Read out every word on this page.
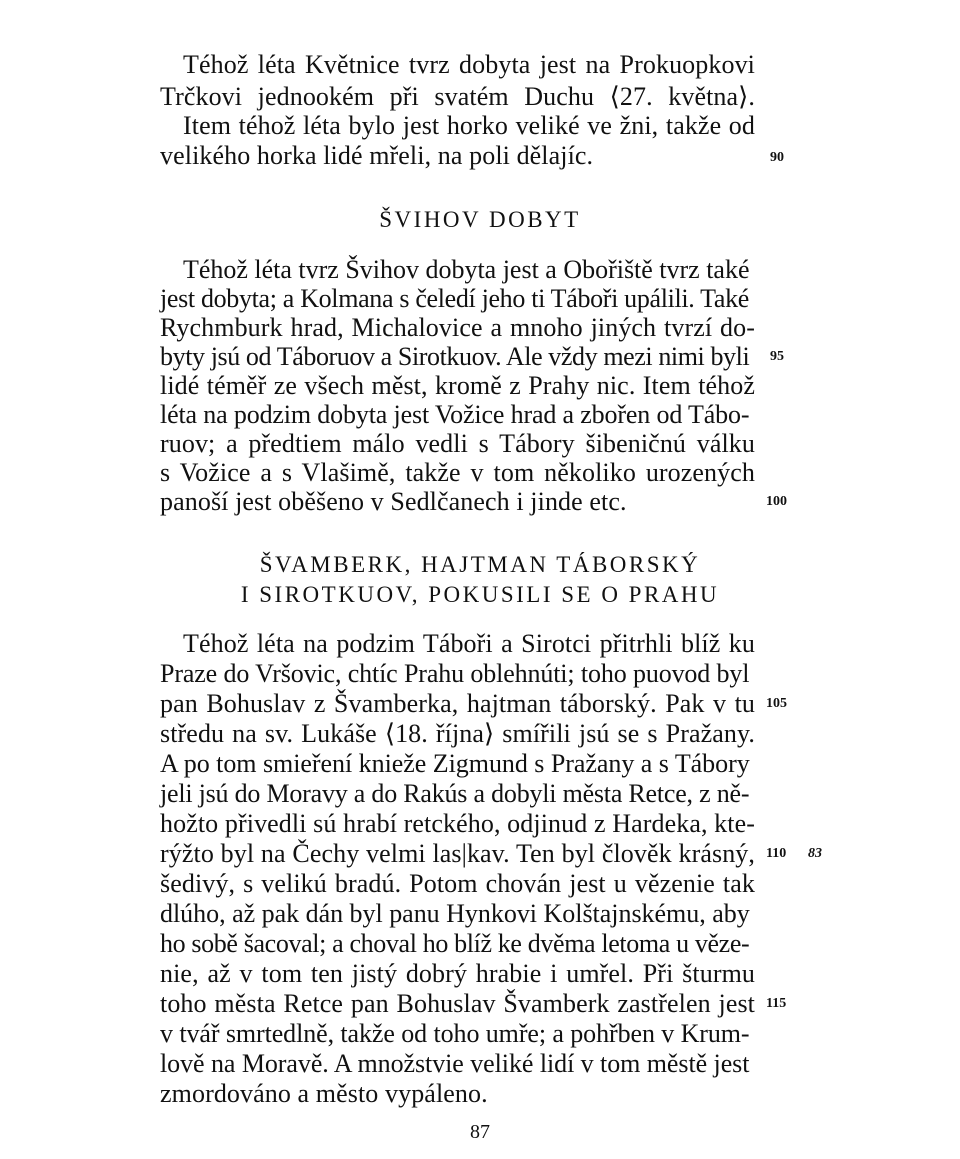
Téhož léta Květnice tvrz dobyta jest na Prokuopkovi
Trčkovi jednookém při svatém Duchu ⟨27. května⟩.
Item téhož léta bylo jest horko veliké ve žni, takže od
velikého horka lidé mřeli, na poli dělajíc.	90
ŠVIHOV DOBYT
Téhož léta tvrz Švihov dobyta jest a Obořiště tvrz také
jest dobyta; a Kolmana s čeledí jeho ti Táboři upálili. Také
Rychmburk hrad, Michalovice a mnoho jiných tvrzí do-
byty jsú od Táboruov a Sirotkuov. Ale vždy mezi nimi byli 95
lidé téměř ze všech měst, kromě z Prahy nic. Item téhož
léta na podzim dobyta jest Vožice hrad a zbořen od Tábo-
ruov; a předtiem málo vedli s Tábory šibeničnú válku
s Vožice a s Vlašimě, takže v tom několiko urozených
panoší jest oběšeno v Sedlčanech i jinde etc.	100
ŠVAMBERK, HAJTMAN TÁBORSKÝ
I SIROTKUOV, POKUSILI SE O PRAHU
Téhož léta na podzim Táboři a Sirotci přitrhli blíž ku
Praze do Vršovic, chtíc Prahu oblehnúti; toho puovod byl
pan Bohuslav z Švamberka, hajtman táborský. Pak v tu 105
středu na sv. Lukáše ⟨18. října⟩ smířili jsú se s Pražany.
A po tom smieření knieže Zigmund s Pražany a s Tábory
jeli jsú do Moravy a do Rakús a dobyli města Retce, z ně-
hožto přivedli sú hrabí retckého, odjinud z Hardeka, kte-
rýžto byl na Čechy velmi las|kav. Ten byl člověk krásný, 110 83
šedivý, s velikú bradú. Potom chován jest u vězenie tak
dlúho, až pak dán byl panu Hynkovi Kolštajnskému, aby
ho sobě šacoval; a choval ho blíž ke dvěma letoma u věze-
nie, až v tom ten jistý dobrý hrabie i umřel. Při šturmu
toho města Retce pan Bohuslav Švamberk zastřelen jest 115
v tvář smrtedlně, takže od toho umře; a pohřben v Krum-
lově na Moravě. A množstvie veliké lidí v tom městě jest
zmordováno a město vypáleno.
87
